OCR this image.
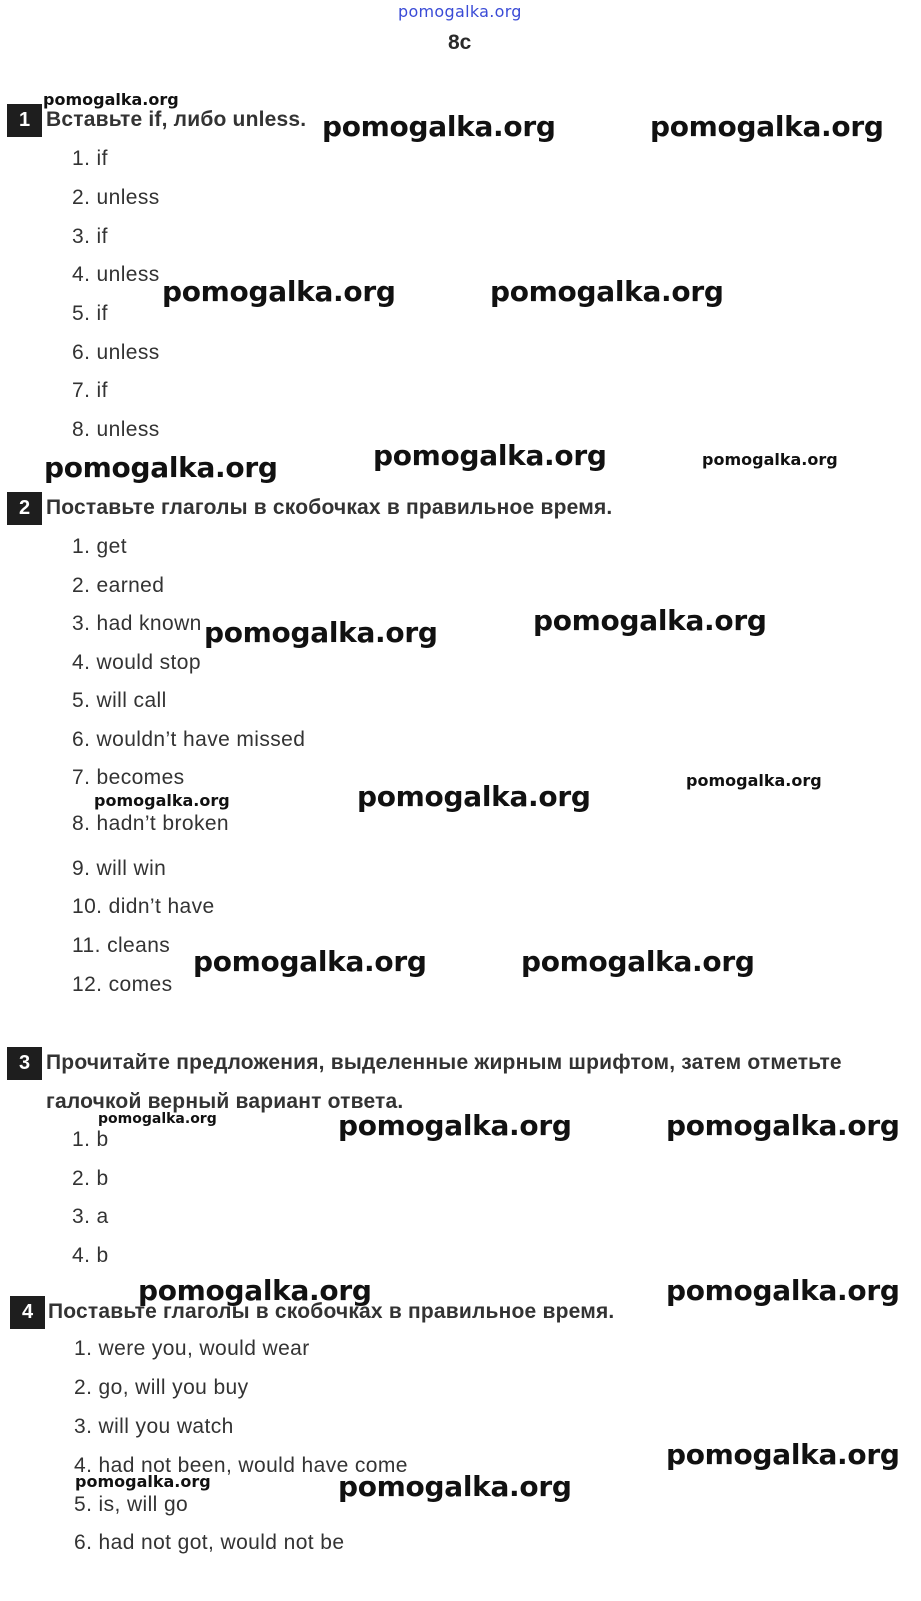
pomogalka.org
8c
1 Вставьте if, либо unless.
1. if
2. unless
3. if
4. unless
5. if
6. unless
7. if
8. unless
2 Поставьте глаголы в скобочках в правильное время.
1. get
2. earned
3. had known
4. would stop
5. will call
6. wouldn’t have missed
7. becomes
8. hadn’t broken
9. will win
10. didn’t have
11. cleans
12. comes
3 Прочитайте предложения, выделенные жирным шрифтом, затем отметьте
галочкой верный вариант ответа.
1. b
2. b
3. a
4. b
4 Поставьте глаголы в скобочках в правильное время.
1. were you, would wear
2. go, will you buy
3. will you watch
4. had not been, would have come
5. is, will go
6. had not got, would not be
pomogalka.org
pomogalka.org	pomogalka.org
pomogalka.org	pomogalka.org
pomogalka.org	pomogalka.org	pomogalka.org
pomogalka.org	pomogalka.org
pomogalka.org
pomogalka.org	pomogalka.org
pomogalka.org	pomogalka.org
pomogalka.org	pomogalka.org	pomogalka.org
pomogalka.org	pomogalka.org
pomogalka.org
pomogalka.org	pomogalka.org
